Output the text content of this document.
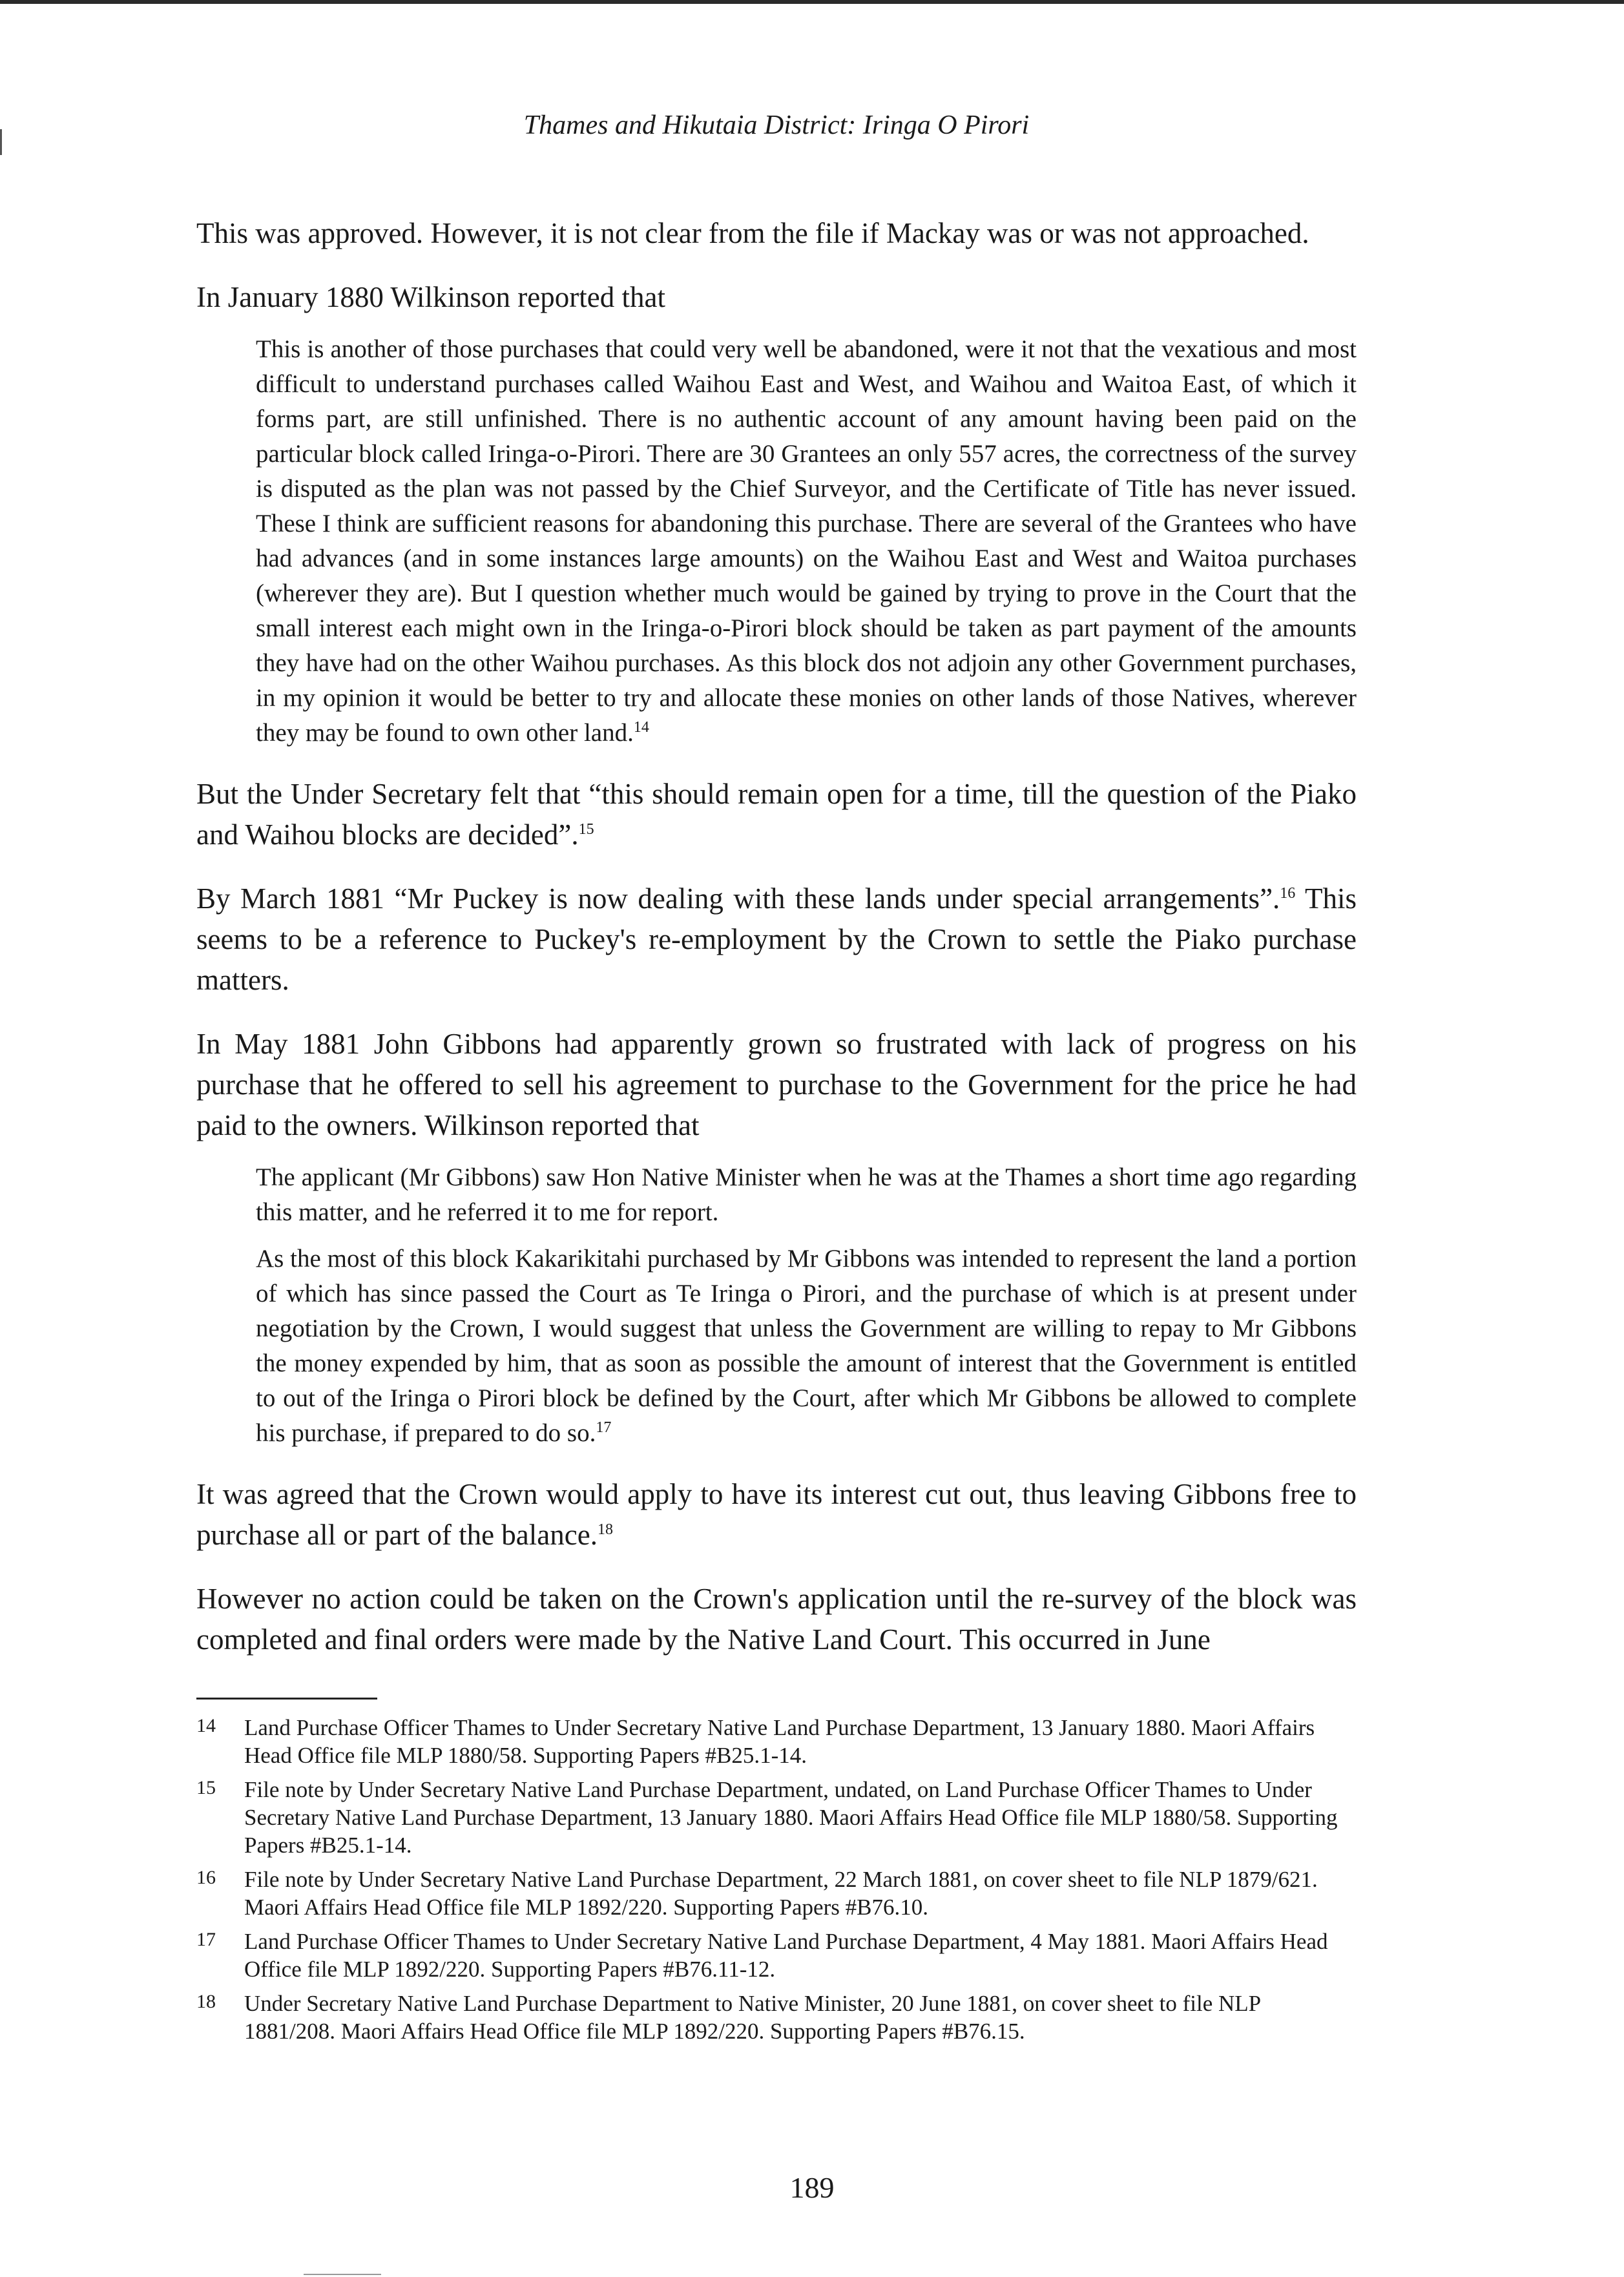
Thames and Hikutaia District: Iringa O Pirori

This was approved. However, it is not clear from the file if Mackay was or was not approached.

In January 1880 Wilkinson reported that

This is another of those purchases that could very well be abandoned, were it not that the vexatious and most difficult to understand purchases called Waihou East and West, and Waihou and Waitoa East, of which it forms part, are still unfinished. There is no authentic account of any amount having been paid on the particular block called Iringa-o-Pirori. There are 30 Grantees an only 557 acres, the correctness of the survey is disputed as the plan was not passed by the Chief Surveyor, and the Certificate of Title has never issued. These I think are sufficient reasons for abandoning this purchase. There are several of the Grantees who have had advances (and in some instances large amounts) on the Waihou East and West and Waitoa purchases (wherever they are). But I question whether much would be gained by trying to prove in the Court that the small interest each might own in the Iringa-o-Pirori block should be taken as part payment of the amounts they have had on the other Waihou purchases. As this block dos not adjoin any other Government purchases, in my opinion it would be better to try and allocate these monies on other lands of those Natives, wherever they may be found to own other land.$^{14}$

But the Under Secretary felt that “this should remain open for a time, till the question of the Piako and Waihou blocks are decided”.$^{15}$

By March 1881 “Mr Puckey is now dealing with these lands under special arrangements”.$^{16}$ This seems to be a reference to Puckey's re-employment by the Crown to settle the Piako purchase matters.

In May 1881 John Gibbons had apparently grown so frustrated with lack of progress on his purchase that he offered to sell his agreement to purchase to the Government for the price he had paid to the owners. Wilkinson reported that

The applicant (Mr Gibbons) saw Hon Native Minister when he was at the Thames a short time ago regarding this matter, and he referred it to me for report.

As the most of this block Kakarikitahi purchased by Mr Gibbons was intended to represent the land a portion of which has since passed the Court as Te Iringa o Pirori, and the purchase of which is at present under negotiation by the Crown, I would suggest that unless the Government are willing to repay to Mr Gibbons the money expended by him, that as soon as possible the amount of interest that the Government is entitled to out of the Iringa o Pirori block be defined by the Court, after which Mr Gibbons be allowed to complete his purchase, if prepared to do so.$^{17}$

It was agreed that the Crown would apply to have its interest cut out, thus leaving Gibbons free to purchase all or part of the balance.$^{18}$

However no action could be taken on the Crown's application until the re-survey of the block was completed and final orders were made by the Native Land Court. This occurred in June

14	Land Purchase Officer Thames to Under Secretary Native Land Purchase Department, 13 January 1880. Maori Affairs Head Office file MLP 1880/58. Supporting Papers #B25.1-14.
15	File note by Under Secretary Native Land Purchase Department, undated, on Land Purchase Officer Thames to Under Secretary Native Land Purchase Department, 13 January 1880. Maori Affairs Head Office file MLP 1880/58. Supporting Papers #B25.1-14.
16	File note by Under Secretary Native Land Purchase Department, 22 March 1881, on cover sheet to file NLP 1879/621. Maori Affairs Head Office file MLP 1892/220. Supporting Papers #B76.10.
17	Land Purchase Officer Thames to Under Secretary Native Land Purchase Department, 4 May 1881. Maori Affairs Head Office file MLP 1892/220. Supporting Papers #B76.11-12.
18	Under Secretary Native Land Purchase Department to Native Minister, 20 June 1881, on cover sheet to file NLP 1881/208. Maori Affairs Head Office file MLP 1892/220. Supporting Papers #B76.15.
189
